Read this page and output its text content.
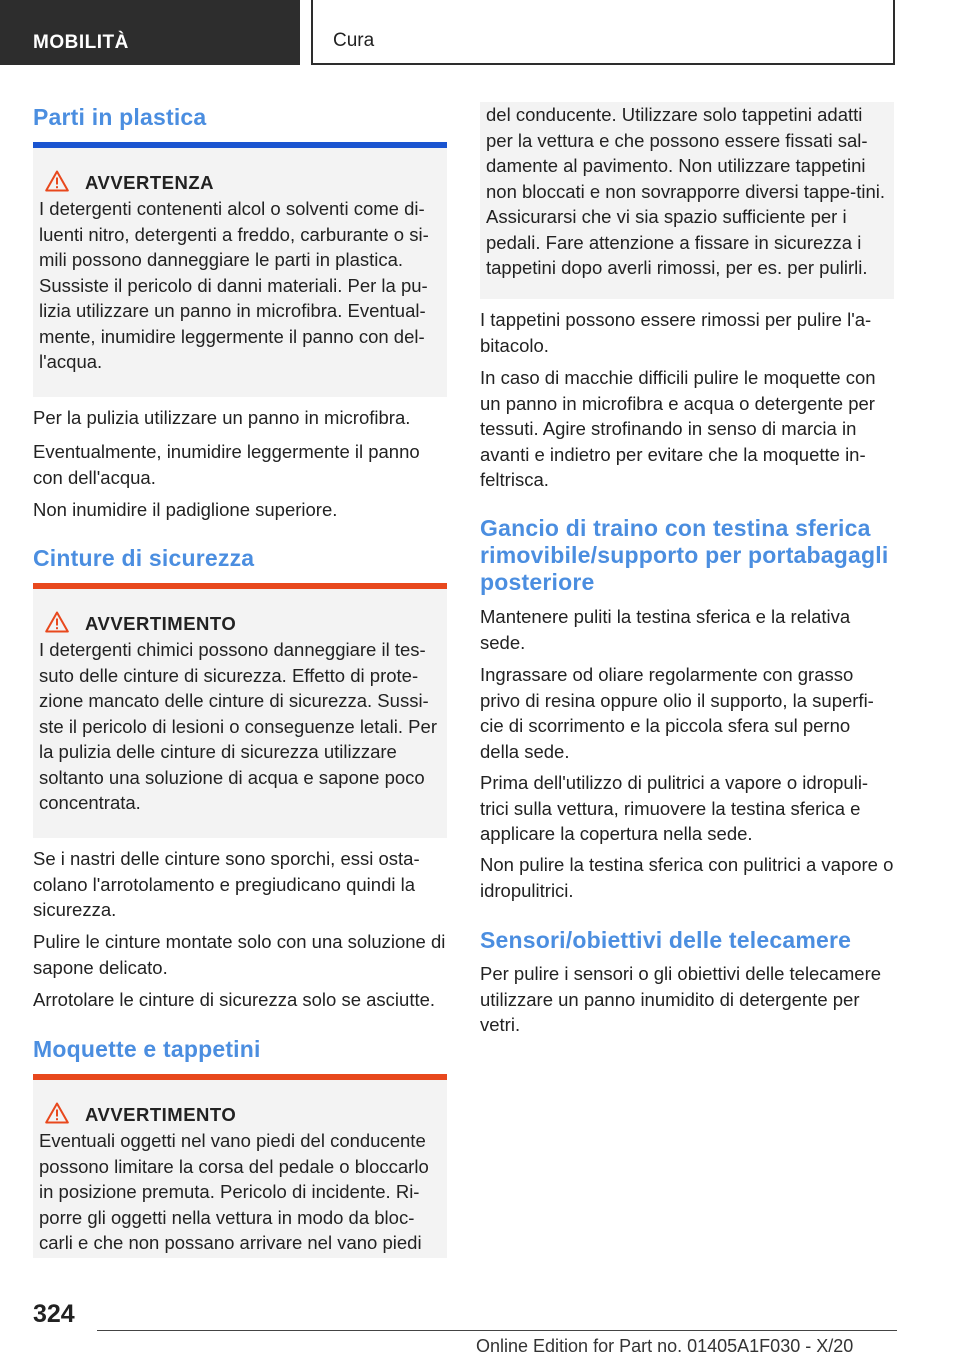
MOBILITÀ	Cura
Parti in plastica
AVVERTENZA
I detergenti contenenti alcol o solventi come di-luenti nitro, detergenti a freddo, carburante o si-mili possono danneggiare le parti in plastica. Sussiste il pericolo di danni materiali. Per la pu-lizia utilizzare un panno in microfibra. Eventual-mente, inumidire leggermente il panno con del-l'acqua.

Per la pulizia utilizzare un panno in microfibra.

Eventualmente, inumidire leggermente il panno con dell'acqua.

Non inumidire il padiglione superiore.

Cinture di sicurezza
AVVERTIMENTO
I detergenti chimici possono danneggiare il tes-suto delle cinture di sicurezza. Effetto di prote-zione mancato delle cinture di sicurezza. Sussi-ste il pericolo di lesioni o conseguenze letali. Per la pulizia delle cinture di sicurezza utilizzare soltanto una soluzione di acqua e sapone poco concentrata.

Se i nastri delle cinture sono sporchi, essi osta-colano l'arrotolamento e pregiudicano quindi la sicurezza.

Pulire le cinture montate solo con una soluzione di sapone delicato.

Arrotolare le cinture di sicurezza solo se asciutte.

Moquette e tappetini
AVVERTIMENTO
Eventuali oggetti nel vano piedi del conducente possono limitare la corsa del pedale o bloccarlo in posizione premuta. Pericolo di incidente. Ri-porre gli oggetti nella vettura in modo da bloc-carli e che non possano arrivare nel vano piedi
del conducente. Utilizzare solo tappetini adatti per la vettura e che possono essere fissati sal-damente al pavimento. Non utilizzare tappetini non bloccati e non sovrapporre diversi tappe-tini. Assicurarsi che vi sia spazio sufficiente per i pedali. Fare attenzione a fissare in sicurezza i tappetini dopo averli rimossi, per es. per pulirli.

I tappetini possono essere rimossi per pulire l'a-bitacolo.

In caso di macchie difficili pulire le moquette con un panno in microfibra e acqua o detergente per tessuti. Agire strofinando in senso di marcia in avanti e indietro per evitare che la moquette in-feltrisca.

Gancio di traino con testina sferica rimovibile/supporto per portabagagli posteriore

Mantenere puliti la testina sferica e la relativa sede.

Ingrassare od oliare regolarmente con grasso privo di resina oppure olio il supporto, la superfi-cie di scorrimento e la piccola sfera sul perno della sede.

Prima dell'utilizzo di pulitrici a vapore o idropuli-trici sulla vettura, rimuovere la testina sferica e applicare la copertura nella sede.

Non pulire la testina sferica con pulitrici a vapore o idropulitrici.

Sensori/obiettivi delle telecamere

Per pulire i sensori o gli obiettivi delle telecamere utilizzare un panno inumidito di detergente per vetri.

324
Online Edition for Part no. 01405A1F030 - X/20
